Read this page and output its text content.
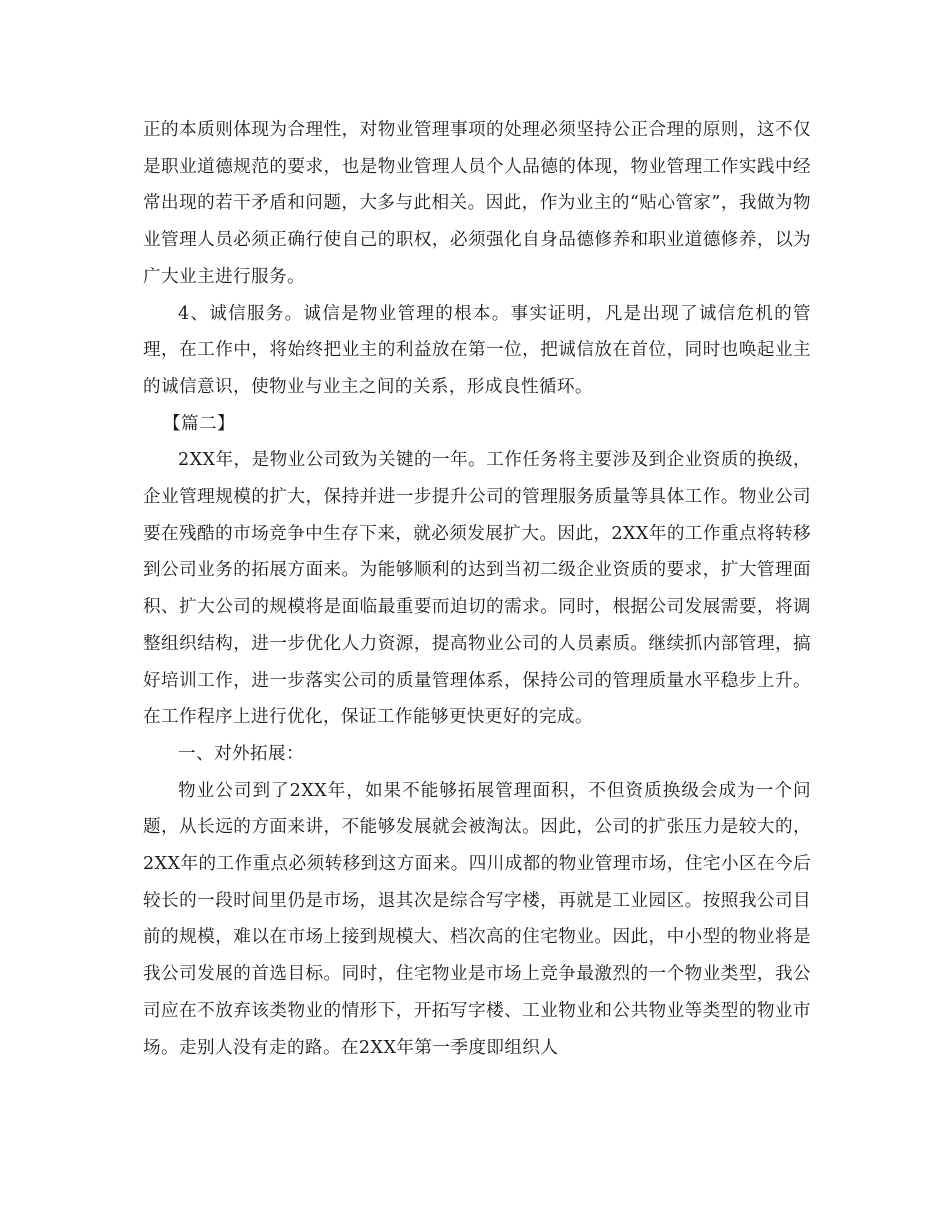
正的本质则体现为合理性，对物业管理事项的处理必须坚持公正合理的原则，这不仅是职业道德规范的要求，也是物业管理人员个人品德的体现，物业管理工作实践中经常出现的若干矛盾和问题，大多与此相关。因此，作为业主的“贴心管家”，我做为物业管理人员必须正确行使自己的职权，必须强化自身品德修养和职业道德修养，以为广大业主进行服务。

4、诚信服务。诚信是物业管理的根本。事实证明，凡是出现了诚信危机的管理，在工作中，将始终把业主的利益放在第一位，把诚信放在首位，同时也唤起业主的诚信意识，使物业与业主之间的关系，形成良性循环。

【篇二】

2XX年，是物业公司致为关键的一年。工作任务将主要涉及到企业资质的换级，企业管理规模的扩大，保持并进一步提升公司的管理服务质量等具体工作。物业公司要在残酷的市场竞争中生存下来，就必须发展扩大。因此，2XX年的工作重点将转移到公司业务的拓展方面来。为能够顺利的达到当初二级企业资质的要求，扩大管理面积、扩大公司的规模将是面临最重要而迫切的需求。同时，根据公司发展需要，将调整组织结构，进一步优化人力资源，提高物业公司的人员素质。继续抓内部管理，搞好培训工作，进一步落实公司的质量管理体系，保持公司的管理质量水平稳步上升。在工作程序上进行优化，保证工作能够更快更好的完成。

一、对外拓展：

物业公司到了2XX年，如果不能够拓展管理面积，不但资质换级会成为一个问题，从长远的方面来讲，不能够发展就会被淘汰。因此，公司的扩张压力是较大的，2XX年的工作重点必须转移到这方面来。四川成都的物业管理市场，住宅小区在今后较长的一段时间里仍是市场，退其次是综合写字楼，再就是工业园区。按照我公司目前的规模，难以在市场上接到规模大、档次高的住宅物业。因此，中小型的物业将是我公司发展的首选目标。同时，住宅物业是市场上竞争最激烈的一个物业类型，我公司应在不放弃该类物业的情形下，开拓写字楼、工业物业和公共物业等类型的物业市场。走别人没有走的路。在2XX年第一季度即组织人
